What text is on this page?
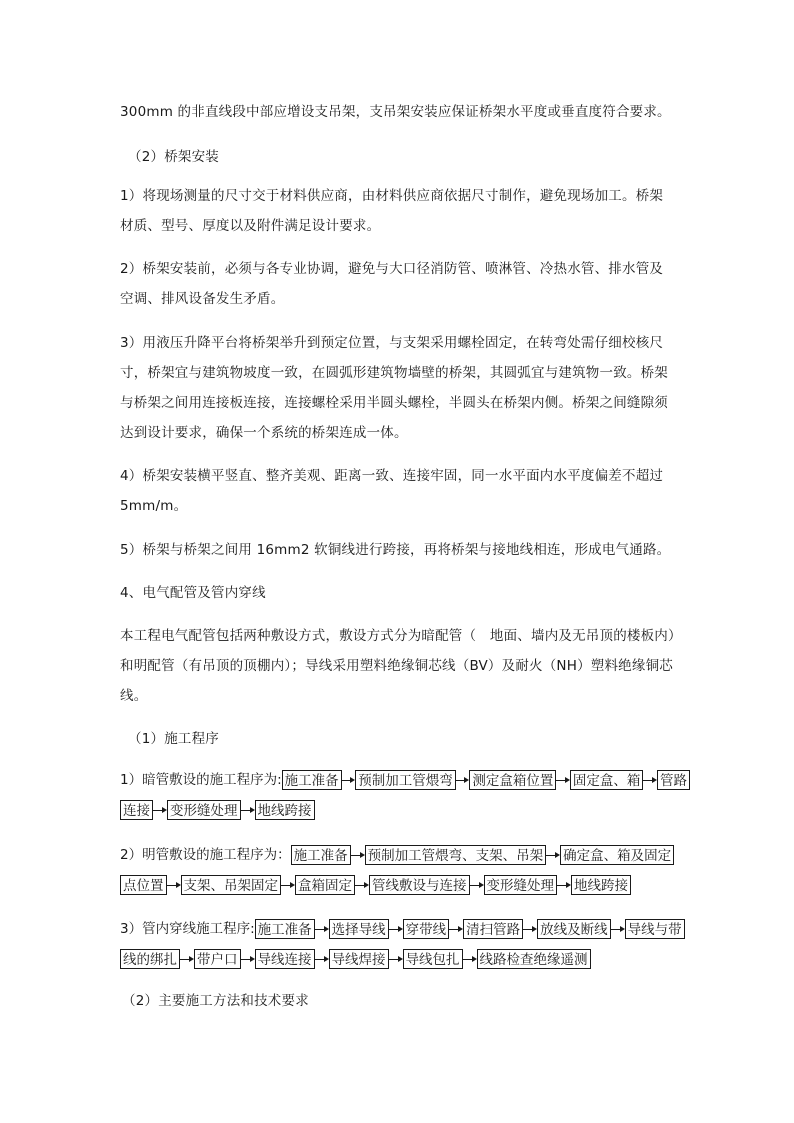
300mm 的非直线段中部应增设支吊架，支吊架安装应保证桥架水平度或垂直度符合要求。

（2）桥架安装

1）将现场测量的尺寸交于材料供应商，由材料供应商依据尺寸制作，避免现场加工。桥架

材质、型号、厚度以及附件满足设计要求。

2）桥架安装前，必须与各专业协调，避免与大口径消防管、喷淋管、冷热水管、排水管及

空调、排风设备发生矛盾。

3）用液压升降平台将桥架举升到预定位置，与支架采用螺栓固定，在转弯处需仔细校核尺

寸，桥架宜与建筑物坡度一致，在圆弧形建筑物墙壁的桥架，其圆弧宜与建筑物一致。桥架

与桥架之间用连接板连接，连接螺栓采用半圆头螺栓，半圆头在桥架内侧。桥架之间缝隙须

达到设计要求，确保一个系统的桥架连成一体。

4）桥架安装横平竖直、整齐美观、距离一致、连接牢固，同一水平面内水平度偏差不超过

5mm/m。

5）桥架与桥架之间用 16mm2 软铜线进行跨接，再将桥架与接地线相连，形成电气通路。

4、电气配管及管内穿线

本工程电气配管包括两种敷设方式，敷设方式分为暗配管（　地面、墙内及无吊顶的楼板内）

和明配管（有吊顶的顶棚内）；导线采用塑料绝缘铜芯线（BV）及耐火（NH）塑料绝缘铜芯

线。

（1）施工程序

1）暗管敷设的施工程序为: 施工准备 预制加工管煨弯 测定盒箱位置 固定盒、箱 管路
连接 变形缝处理 地线跨接
2）明管敷设的施工程序为： 施工准备 预制加工管煨弯、支架、吊架 确定盒、箱及固定
点位置 支架、吊架固定 盒箱固定 管线敷设与连接 变形缝处理 地线跨接
3）管内穿线施工程序: 施工准备 选择导线 穿带线 清扫管路 放线及断线 导线与带
线的绑扎 带户口 导线连接 导线焊接 导线包扎 线路检查绝缘遥测

（2）主要施工方法和技术要求
